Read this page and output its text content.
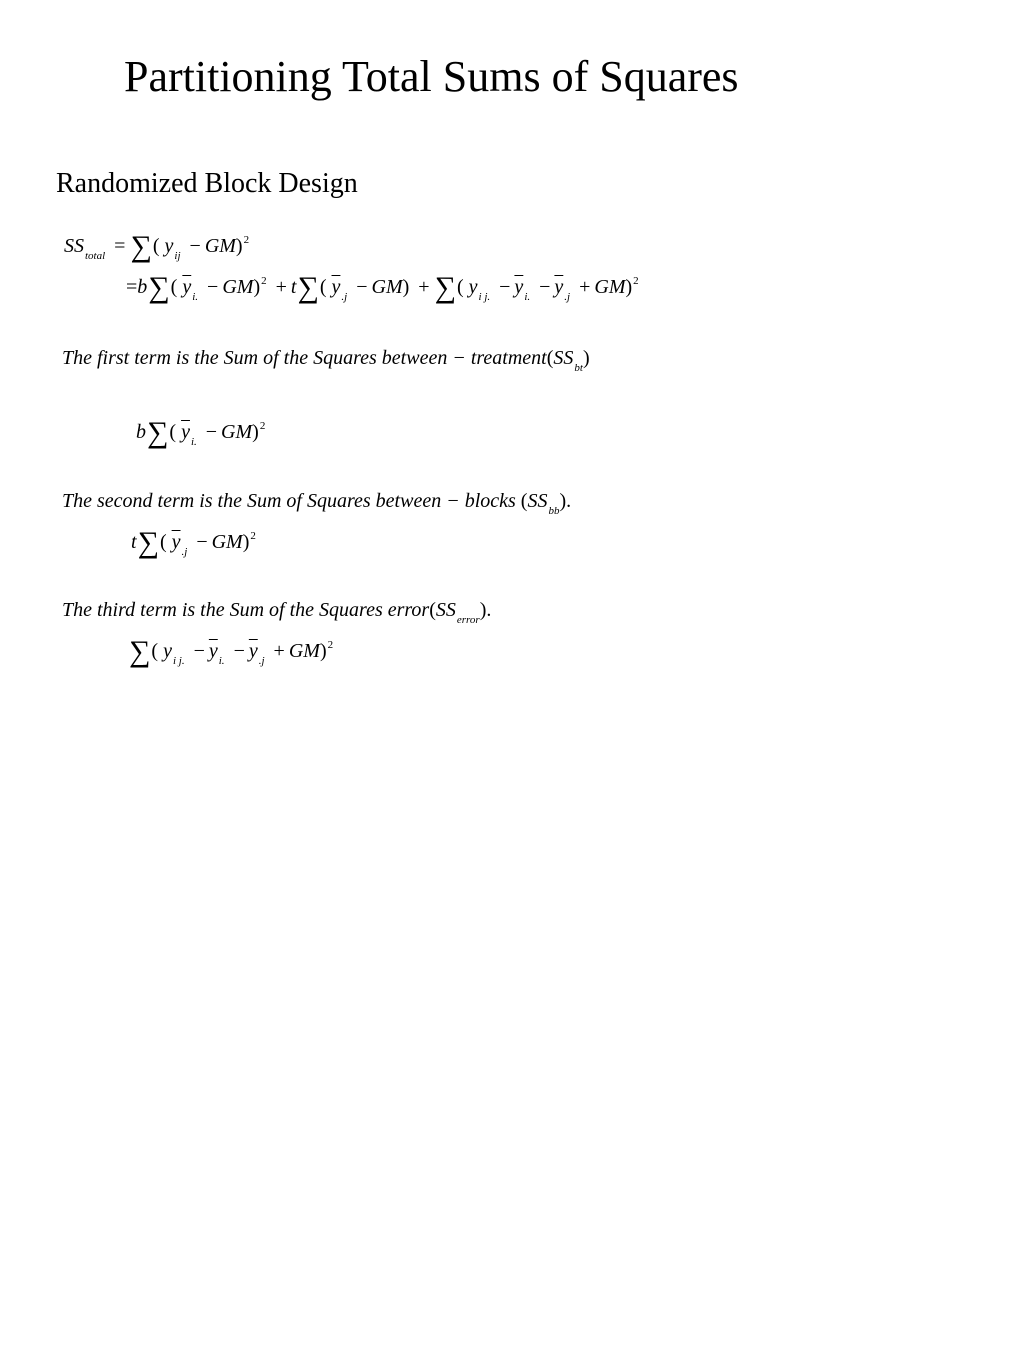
Partitioning Total Sums of Squares
Randomized Block Design
$SS_{total}$ = ∑( $y_{ij} - GM)^2$
=b∑( $\overline{y}_{i.} - GM)^2 + t\sum$( $\overline{y}_{.j} - GM$) + ∑( $y_{i j.} - \overline{y}_{i.} - \overline{y}_{.j} + GM)^2$
The first term is the Sum of the Squares between − $treatment(SS_{bt})$
b∑( $\overline{y}_{i.} - GM)^2$
The second term is the Sum of Squares between − blocks $(SS_{bb})$.
t∑( $\overline{y}_{.j} - GM)^2$
The third term is the Sum of the Squares $error(SS_{error})$.
∑( $y_{i j.} - \overline{y}_{i.} - \overline{y}_{.j} + GM)^2$
